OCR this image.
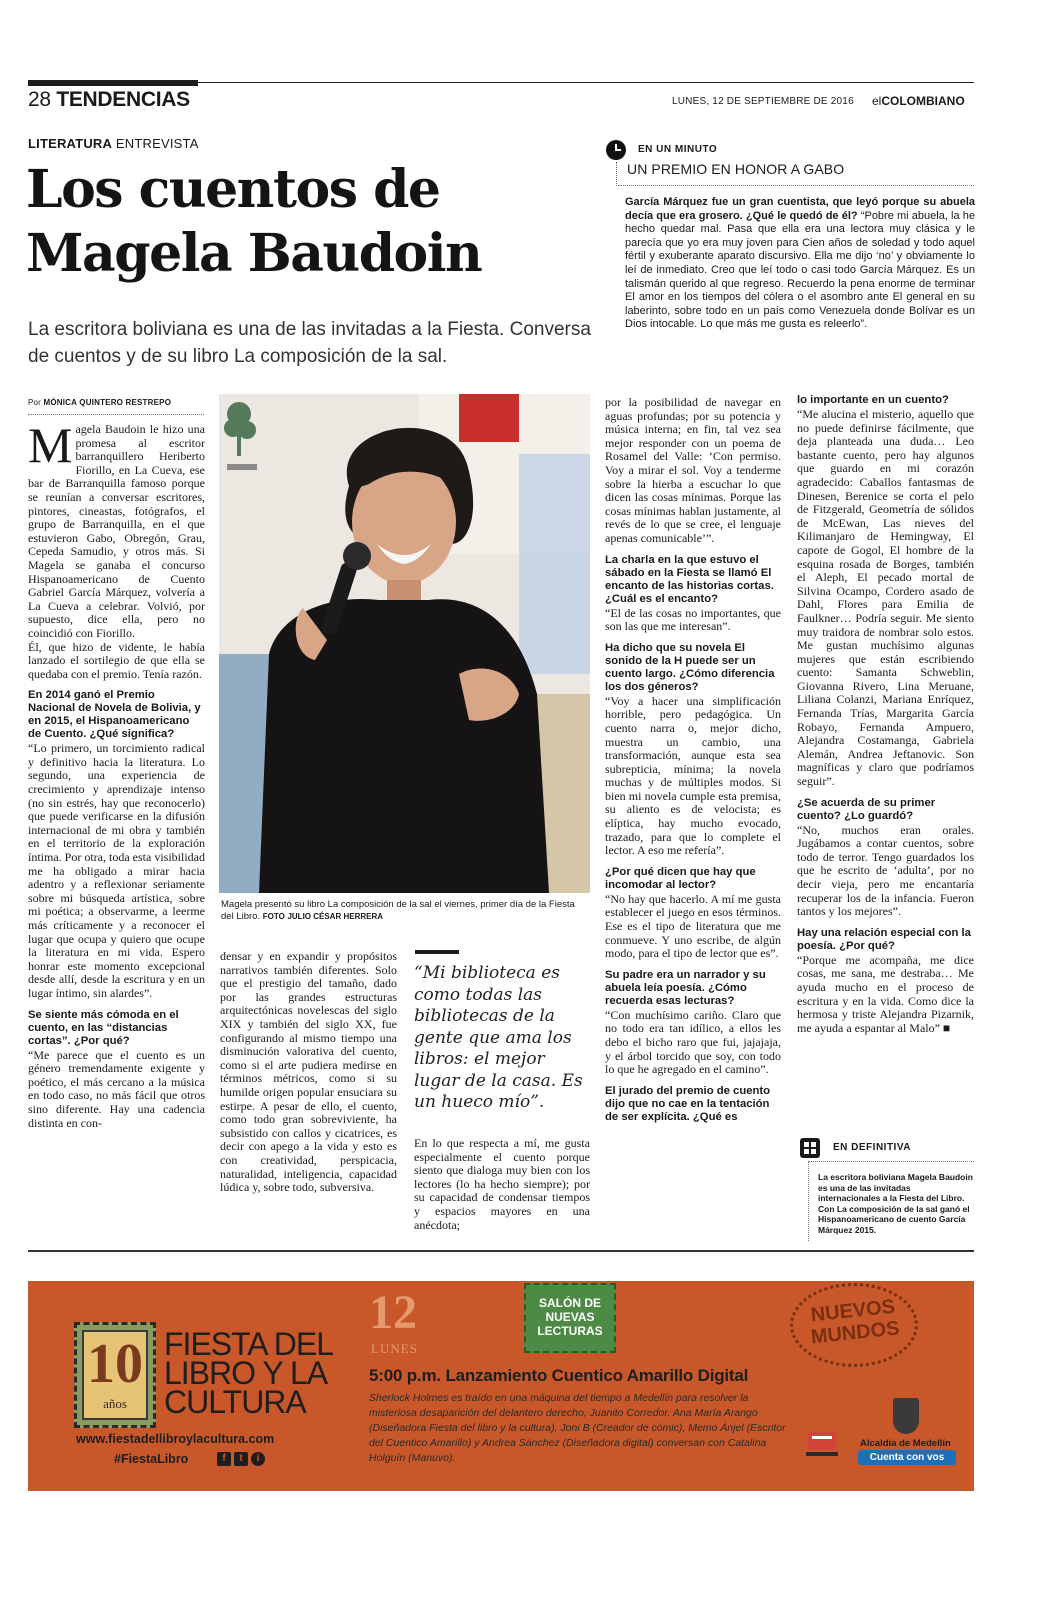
28 TENDENCIAS	LUNES, 12 DE SEPTIEMBRE DE 2016 elCOLOMBIANO
LITERATURA ENTREVISTA
Los cuentos de
Magela Baudoin

La escritora boliviana es una de las invitadas a la Fiesta. Conversa de cuentos y de su libro La composición de la sal.

EN UN MINUTO
UN PREMIO EN HONOR A GABO
García Márquez fue un gran cuentista, que leyó porque su abuela decía que era grosero. ¿Qué le quedó de él? “Pobre mi abuela, la he hecho quedar mal. Pasa que ella era una lectora muy clásica y le parecía que yo era muy joven para Cien años de soledad y todo aquel fértil y exuberante aparato discursivo. Ella me dijo ‘no’ y obviamente lo leí de inmediato. Creo que leí todo o casi todo García Márquez. Es un talismán querido al que regreso. Recuerdo la pena enorme de terminar El amor en los tiempos del cólera o el asombro ante El general en su laberinto, sobre todo en un país como Venezuela donde Bolívar es un Dios intocable. Lo que más me gusta es releerlo”.
Por MÓNICA QUINTERO RESTREPO

Magela Baudoin le hizo una promesa al escritor barranquillero Heriberto Fiorillo, en La Cueva, ese bar de Barranquilla famoso porque se reunían a conversar escritores, pintores, cineastas, fotógrafos, el grupo de Barranquilla, en el que estuvieron Gabo, Obregón, Grau, Cepeda Samudio, y otros más. Si Magela se ganaba el concurso Hispanoamericano de Cuento Gabriel García Márquez, volvería a La Cueva a celebrar. Volvió, por supuesto, dice ella, pero no coincidió con Fiorillo.

Él, que hizo de vidente, le había lanzado el sortilegio de que ella se quedaba con el premio. Tenía razón.

En 2014 ganó el Premio Nacional de Novela de Bolivia, y en 2015, el Hispanoamericano de Cuento. ¿Qué significa?

“Lo primero, un torcimiento radical y definitivo hacia la literatura. Lo segundo, una experiencia de crecimiento y aprendizaje intenso (no sin estrés, hay que reconocerlo) que puede verificarse en la difusión internacional de mi obra y también en el territorio de la exploración íntima. Por otra, toda esta visibilidad me ha obligado a mirar hacia adentro y a reflexionar seriamente sobre mi búsqueda artística, sobre mi poética; a observarme, a leerme más críticamente y a reconocer el lugar que ocupa y quiero que ocupe la literatura en mi vida. Espero honrar este momento excepcional desde allí, desde la escritura y en un lugar íntimo, sin alardes”.

Se siente más cómoda en el cuento, en las “distancias cortas”. ¿Por qué?

“Me parece que el cuento es un género tremendamente exigente y poético, el más cercano a la música en todo caso, no más fácil que otros sino diferente. Hay una cadencia distinta en con-

Magela presentó su libro La composición de la sal el viernes, primer día de la Fiesta del Libro. FOTO JULIO CÉSAR HERRERA

densar y en expandir y propósitos narrativos también diferentes. Solo que el prestigio del tamaño, dado por las grandes estructuras arquitectónicas novelescas del siglo XIX y también del siglo XX, fue configurando al mismo tiempo una disminución valorativa del cuento, como si el arte pudiera medirse en términos métricos, como si su humilde origen popular ensuciara su estirpe. A pesar de ello, el cuento, como todo gran sobreviviente, ha subsistido con callos y cicatrices, es decir con apego a la vida y esto es con creatividad, perspicacia, naturalidad, inteligencia, capacidad lúdica y, sobre todo, subversiva.

“Mi biblioteca es como todas las bibliotecas de la gente que ama los libros: el mejor lugar de la casa. Es un hueco mío”.

En lo que respecta a mí, me gusta especialmente el cuento porque siento que dialoga muy bien con los lectores (lo ha hecho siempre); por su capacidad de condensar tiempos y espacios mayores en una anécdota;

por la posibilidad de navegar en aguas profundas; por su potencia y música interna; en fin, tal vez sea mejor responder con un poema de Rosamel del Valle: ‘Con permiso. Voy a mirar el sol. Voy a tenderme sobre la hierba a escuchar lo que dicen las cosas mínimas. Porque las cosas mínimas hablan justamente, al revés de lo que se cree, el lenguaje apenas comunicable’”.

La charla en la que estuvo el sábado en la Fiesta se llamó El encanto de las historias cortas. ¿Cuál es el encanto?

“El de las cosas no importantes, que son las que me interesan”.

Ha dicho que su novela El sonido de la H puede ser un cuento largo. ¿Cómo diferencia los dos géneros?

“Voy a hacer una simplificación horrible, pero pedagógica. Un cuento narra o, mejor dicho, muestra un cambio, una transformación, aunque esta sea subrepticia, mínima; la novela muchas y de múltiples modos. Si bien mi novela cumple esta premisa, su aliento es de velocista; es elíptica, hay mucho evocado, trazado, para que lo complete el lector. A eso me refería”.

¿Por qué dicen que hay que incomodar al lector?

“No hay que hacerlo. A mí me gusta establecer el juego en esos términos. Ese es el tipo de literatura que me conmueve. Y uno escribe, de algún modo, para el tipo de lector que es”.

Su padre era un narrador y su abuela leía poesía. ¿Cómo recuerda esas lecturas?

“Con muchísimo cariño. Claro que no todo era tan idílico, a ellos les debo el bicho raro que fui, jajajaja, y el árbol torcido que soy, con todo lo que he agregado en el camino”.

El jurado del premio de cuento dijo que no cae en la tentación de ser explícita. ¿Qué es

lo importante en un cuento?

“Me alucina el misterio, aquello que no puede definirse fácilmente, que deja planteada una duda… Leo bastante cuento, pero hay algunos que guardo en mi corazón agradecido: Caballos fantasmas de Dinesen, Berenice se corta el pelo de Fitzgerald, Geometría de sólidos de McEwan, Las nieves del Kilimanjaro de Hemingway, El capote de Gogol, El hombre de la esquina rosada de Borges, también el Aleph, El pecado mortal de Silvina Ocampo, Cordero asado de Dahl, Flores para Emilia de Faulkner… Podría seguir. Me siento muy traidora de nombrar solo estos. Me gustan muchísimo algunas mujeres que están escribiendo cuento: Samanta Schweblin, Giovanna Rivero, Lina Meruane, Liliana Colanzi, Mariana Enríquez, Fernanda Trías, Margarita García Robayo, Fernanda Ampuero, Alejandra Costamanga, Gabriela Alemán, Andrea Jeftanovic. Son magníficas y claro que podríamos seguir”.

¿Se acuerda de su primer cuento? ¿Lo guardó?

“No, muchos eran orales. Jugábamos a contar cuentos, sobre todo de terror. Tengo guardados los que he escrito de ‘adulta’, por no decir vieja, pero me encantaría recuperar los de la infancia. Fueron tantos y los mejores”.

Hay una relación especial con la poesía. ¿Por qué?

“Porque me acompaña, me dice cosas, me sana, me destraba… Me ayuda mucho en el proceso de escritura y en la vida. Como dice la hermosa y triste Alejandra Pizarnik, me ayuda a espantar al Malo” ■

EN DEFINITIVA
La escritora boliviana Magela Baudoin es una de las invitadas internacionales a la Fiesta del Libro. Con La composición de la sal ganó el Hispanoamericano de cuento García Márquez 2015.
10
años
FIESTA DEL
LIBRO Y LA
CULTURA
www.fiestadellibroylacultura.com
#FiestaLibro	f	t	i
12
LUNES
SALÓN DE
NUEVAS
LECTURAS
5:00 p.m. Lanzamiento Cuentico Amarillo Digital
Sherlock Holmes es traído en una máquina del tiempo a Medellín para resolver la misteriosa desaparición del delantero derecho, Juanito Corredor. Ana María Arango (Diseñadora Fiesta del libro y la cultura), Joni B (Creador de cómic), Memo Ánjel (Escritor del Cuentico Amarillo) y Andrea Sánchez (Diseñadora digital) conversan con Catalina Holguín (Manuvo).
NUEVOS
MUNDOS
Alcaldía de Medellín
Cuenta con vos
